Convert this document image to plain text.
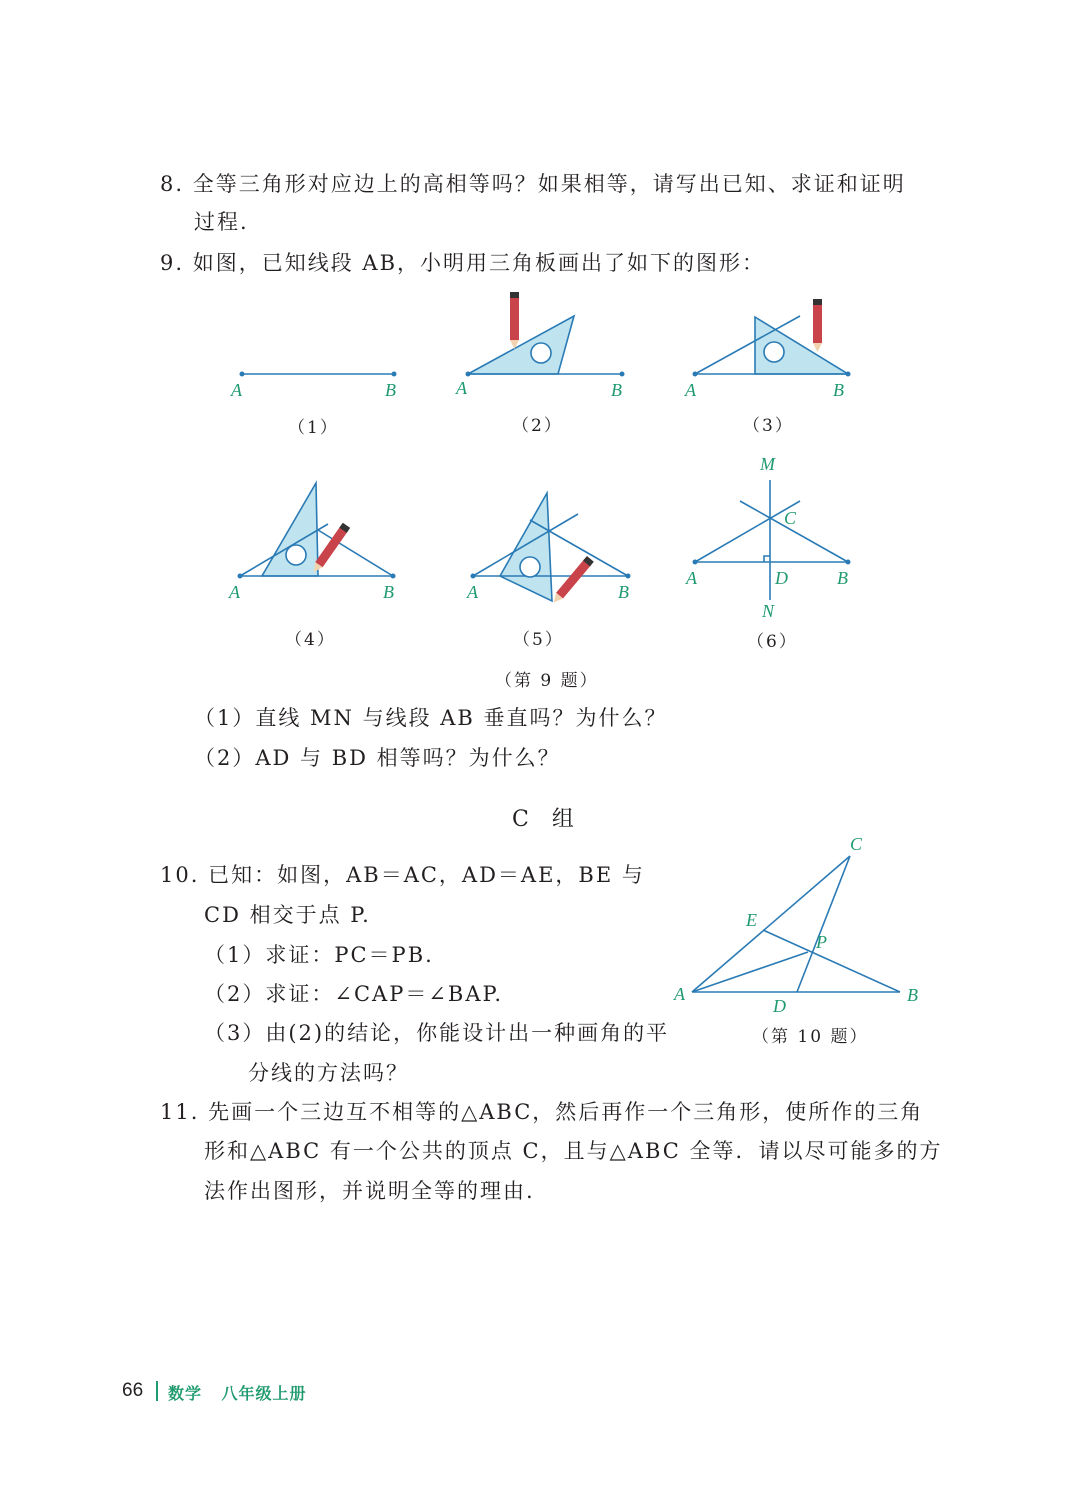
8. 全等三角形对应边上的高相等吗？如果相等，请写出已知、求证和证明
过程.
9. 如图，已知线段 AB，小明用三角板画出了如下的图形：
A	B	A	B	A	B
A	B	A	B
M
C
A	D	B
N
（1）	（2）	（3）
（4）	（5）	（6）
（第 9 题）
（1）直线 MN 与线段 AB 垂直吗？为什么？
（2）AD 与 BD 相等吗？为什么？
C 组
10. 已知：如图，AB＝AC，AD＝AE，BE 与
CD 相交于点 P.
（1）求证：PC＝PB.
（2）求证：∠CAP＝∠BAP.
（3）由(2)的结论，你能设计出一种画角的平
分线的方法吗？
C
E
P
A
D
B
（第 10 题）
11. 先画一个三边互不相等的△ABC，然后再作一个三角形，使所作的三角
形和△ABC 有一个公共的顶点 C，且与△ABC 全等．请以尽可能多的方
法作出图形，并说明全等的理由.
66 数学 八年级上册
